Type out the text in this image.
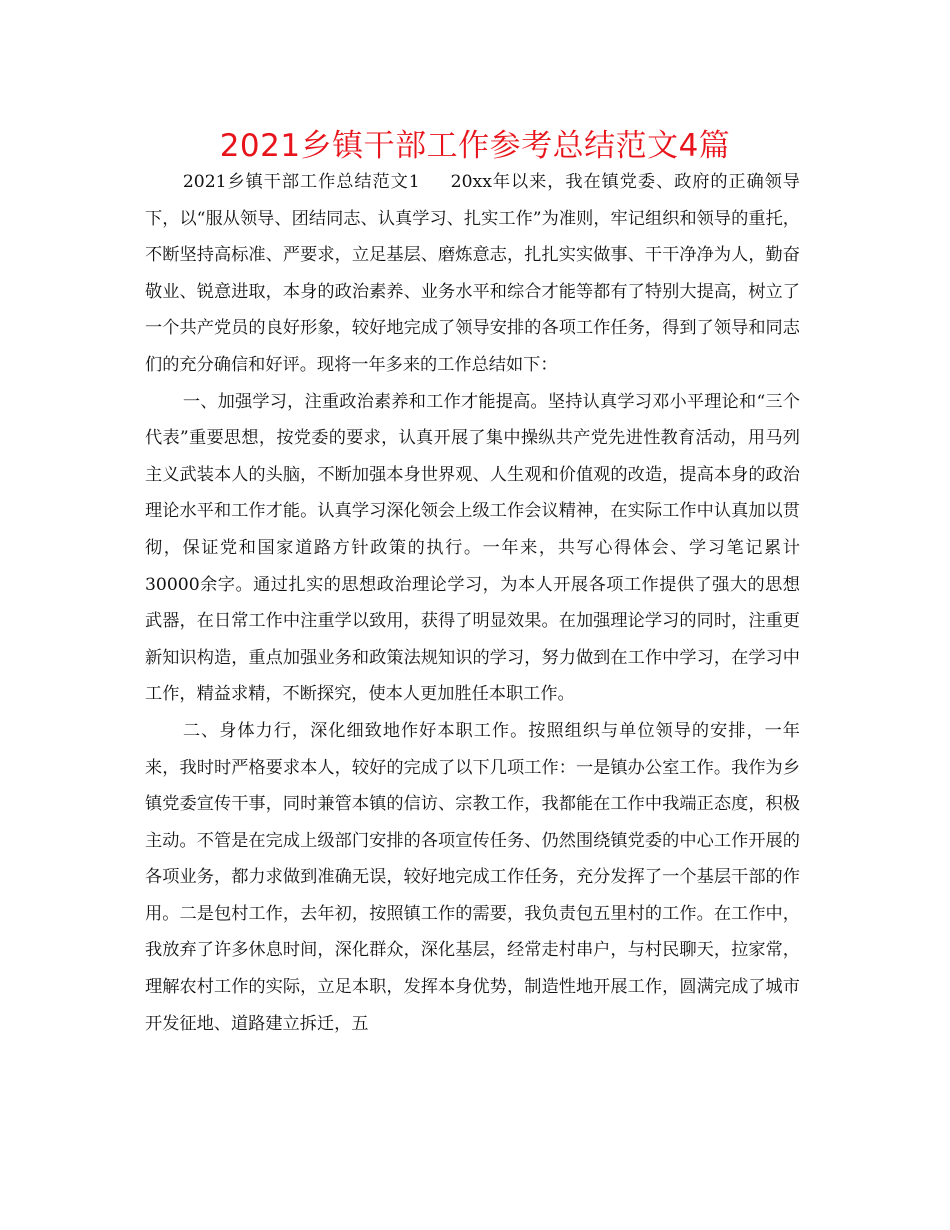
2021乡镇干部工作参考总结范文4篇

2021乡镇干部工作总结范文1 20xx年以来，我在镇党委、政府的正确领导下，以“服从领导、团结同志、认真学习、扎实工作”为准则，牢记组织和领导的重托，不断坚持高标准、严要求，立足基层、磨炼意志，扎扎实实做事、干干净净为人，勤奋敬业、锐意进取，本身的政治素养、业务水平和综合才能等都有了特别大提高，树立了一个共产党员的良好形象，较好地完成了领导安排的各项工作任务，得到了领导和同志们的充分确信和好评。现将一年多来的工作总结如下：

一、加强学习，注重政治素养和工作才能提高。坚持认真学习邓小平理论和“三个代表”重要思想，按党委的要求，认真开展了集中操纵共产党先进性教育活动，用马列主义武装本人的头脑，不断加强本身世界观、人生观和价值观的改造，提高本身的政治理论水平和工作才能。认真学习深化领会上级工作会议精神，在实际工作中认真加以贯彻，保证党和国家道路方针政策的执行。一年来，共写心得体会、学习笔记累计30000余字。通过扎实的思想政治理论学习，为本人开展各项工作提供了强大的思想武器，在日常工作中注重学以致用，获得了明显效果。在加强理论学习的同时，注重更新知识构造，重点加强业务和政策法规知识的学习，努力做到在工作中学习，在学习中工作，精益求精，不断探究，使本人更加胜任本职工作。

二、身体力行，深化细致地作好本职工作。按照组织与单位领导的安排，一年来，我时时严格要求本人，较好的完成了以下几项工作：一是镇办公室工作。我作为乡镇党委宣传干事，同时兼管本镇的信访、宗教工作，我都能在工作中我端正态度，积极主动。不管是在完成上级部门安排的各项宣传任务、仍然围绕镇党委的中心工作开展的各项业务，都力求做到准确无误，较好地完成工作任务，充分发挥了一个基层干部的作用。二是包村工作，去年初，按照镇工作的需要，我负责包五里村的工作。在工作中，我放弃了许多休息时间，深化群众，深化基层，经常走村串户，与村民聊天，拉家常，理解农村工作的实际，立足本职，发挥本身优势，制造性地开展工作，圆满完成了城市开发征地、道路建立拆迁，五
